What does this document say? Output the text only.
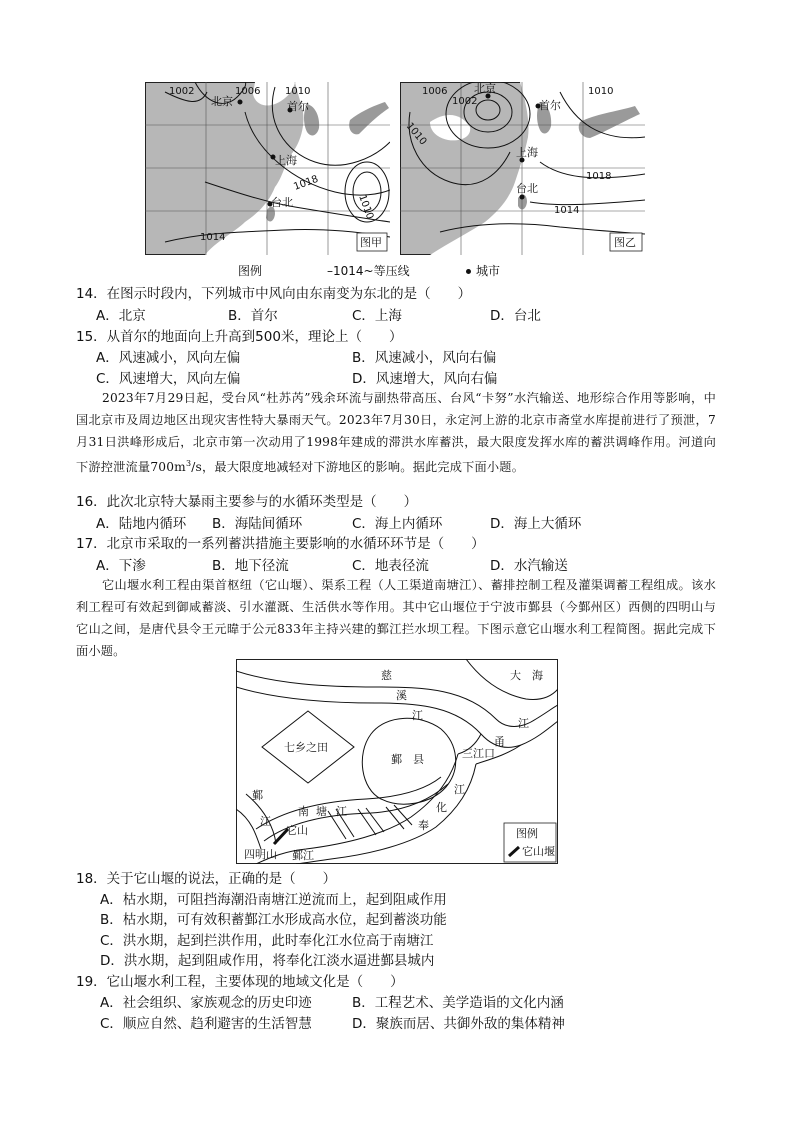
1002	1006 1010
1018
1010
1014
北京	首尔
上海
台北
图甲
1006
1002
1010
1010
1018
1014
北京
首尔
上海
台北
图乙
图例	–1014~等压线	城市
14．在图示时段内，下列城市中风向由东南变为东北的是（　　）
A．北京	B．首尔	C．上海	D．台北
15．从首尔的地面向上升高到500米，理论上（　　）
A．风速减小，风向左偏	B．风速减小，风向右偏
C．风速增大，风向左偏	D．风速增大，风向右偏
2023年7月29日起，受台风“杜苏芮”残余环流与副热带高压、台风“卡努”水汽输送、地形综合作用等影响，中国北京市及周边地区出现灾害性特大暴雨天气。2023年7月30日，永定河上游的北京市斋堂水库提前进行了预泄，7月31日洪峰形成后，北京市第一次动用了1998年建成的滞洪水库蓄洪，最大限度发挥水库的蓄洪调峰作用。河道向下游控泄流量$700m^3/s$，最大限度地减轻对下游地区的影响。据此完成下面小题。
16．此次北京特大暴雨主要参与的水循环类型是（　　）
A．陆地内循环 B．海陆间循环	C．海上内循环	D．海上大循环
17．北京市采取的一系列蓄洪措施主要影响的水循环环节是（　　）
A．下渗	B．地下径流	C．地表径流	D．水汽输送
它山堰水利工程由渠首枢纽（它山堰）、渠系工程（人工渠道南塘江）、蓄排控制工程及灌渠调蓄工程组成。该水利工程可有效起到御咸蓄淡、引水灌溉、生活供水等作用。其中它山堰位于宁波市鄞县（今鄞州区）西侧的四明山与它山之间，是唐代县令王元暐于公元833年主持兴建的鄞江拦水坝工程。下图示意它山堰水利工程简图。据此完成下面小题。
大　海
慈
溪
江
江
甬
七乡之田
鄞　县	三江口
江
化
奉
南 塘 江
鄞
江
它山
四明山 鄞江
图例
它山堰
18．关于它山堰的说法，正确的是（　　）
A．枯水期，可阻挡海潮沿南塘江逆流而上，起到阻咸作用
B．枯水期，可有效积蓄鄞江水形成高水位，起到蓄淡功能
C．洪水期，起到拦洪作用，此时奉化江水位高于南塘江
D．洪水期，起到阻咸作用，将奉化江淡水逼进鄞县城内
19．它山堰水利工程，主要体现的地域文化是（　　）
A．社会组织、家族观念的历史印迹	B．工程艺术、美学造诣的文化内涵
C．顺应自然、趋利避害的生活智慧	D．聚族而居、共御外敌的集体精神
